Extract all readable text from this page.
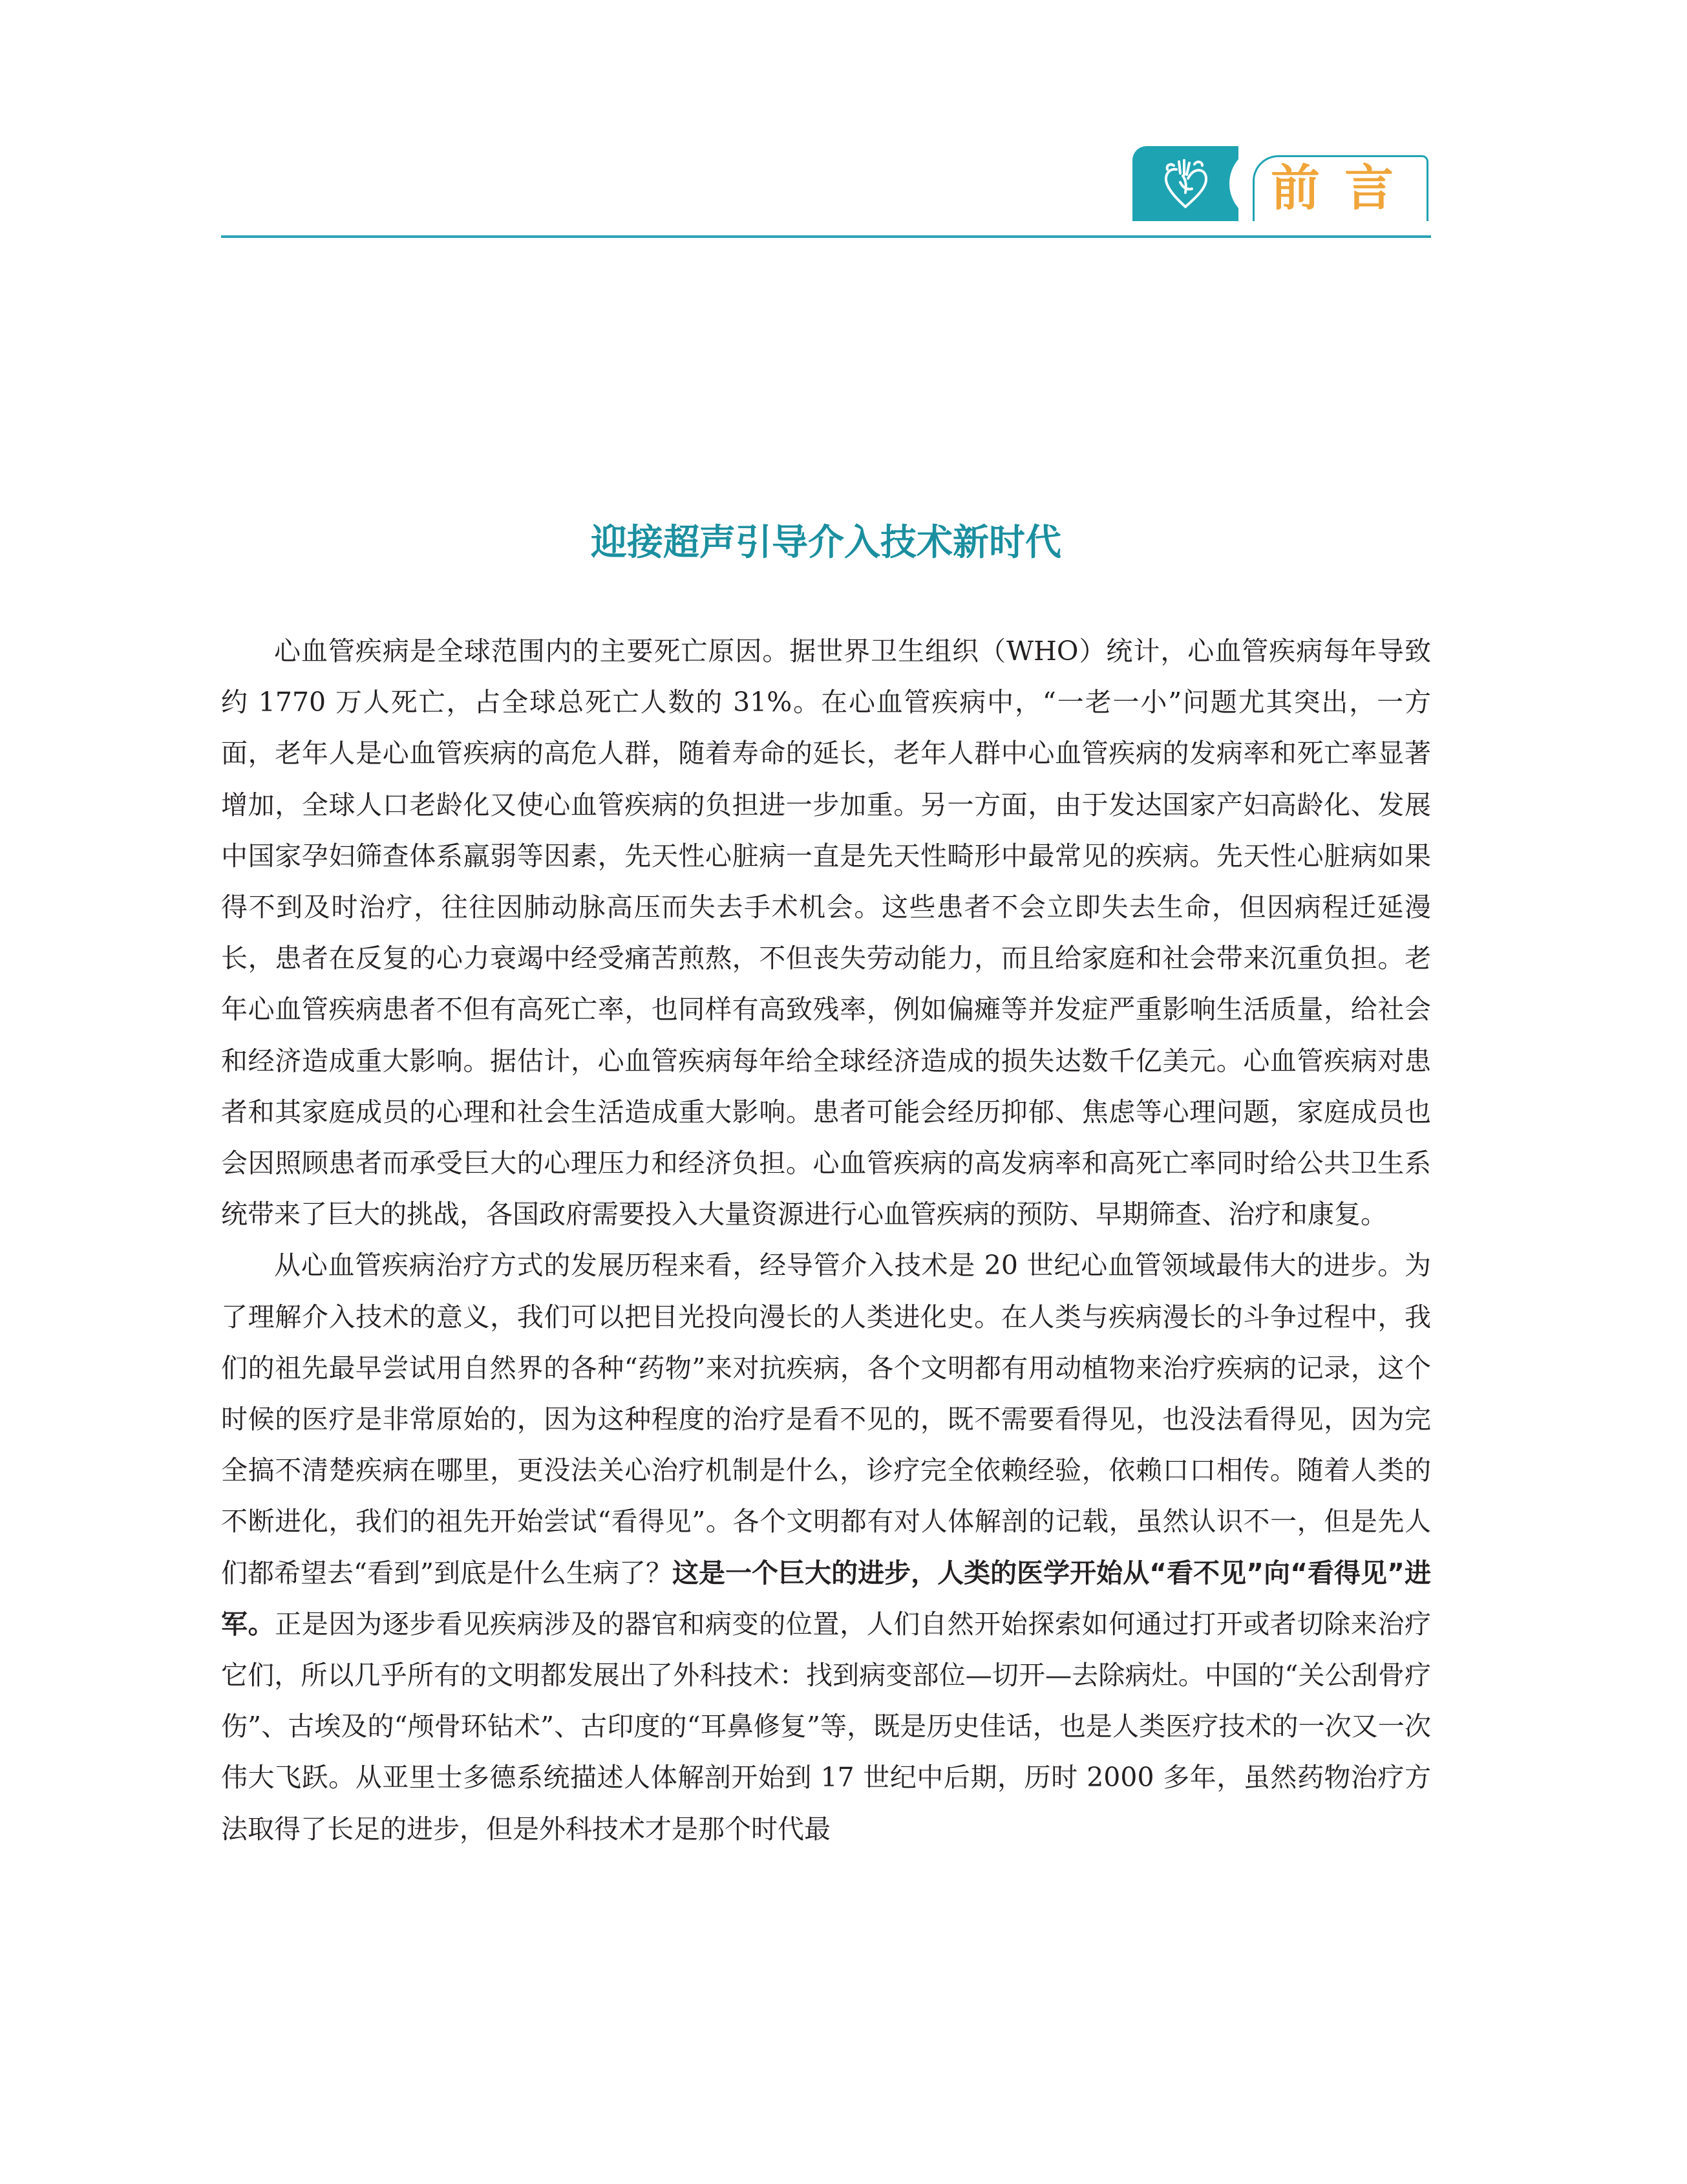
前言
迎接超声引导介入技术新时代

心血管疾病是全球范围内的主要死亡原因。据世界卫生组织（WHO）统计，心血管疾病每年导致约 1770 万人死亡，占全球总死亡人数的 31%。在心血管疾病中，“一老一小”问题尤其突出，一方面，老年人是心血管疾病的高危人群，随着寿命的延长，老年人群中心血管疾病的发病率和死亡率显著增加，全球人口老龄化又使心血管疾病的负担进一步加重。另一方面，由于发达国家产妇高龄化、发展中国家孕妇筛查体系羸弱等因素，先天性心脏病一直是先天性畸形中最常见的疾病。先天性心脏病如果得不到及时治疗，往往因肺动脉高压而失去手术机会。这些患者不会立即失去生命，但因病程迁延漫长，患者在反复的心力衰竭中经受痛苦煎熬，不但丧失劳动能力，而且给家庭和社会带来沉重负担。老年心血管疾病患者不但有高死亡率，也同样有高致残率，例如偏瘫等并发症严重影响生活质量，给社会和经济造成重大影响。据估计，心血管疾病每年给全球经济造成的损失达数千亿美元。心血管疾病对患者和其家庭成员的心理和社会生活造成重大影响。患者可能会经历抑郁、焦虑等心理问题，家庭成员也会因照顾患者而承受巨大的心理压力和经济负担。心血管疾病的高发病率和高死亡率同时给公共卫生系统带来了巨大的挑战，各国政府需要投入大量资源进行心血管疾病的预防、早期筛查、治疗和康复。

从心血管疾病治疗方式的发展历程来看，经导管介入技术是 20 世纪心血管领域最伟大的进步。为了理解介入技术的意义，我们可以把目光投向漫长的人类进化史。在人类与疾病漫长的斗争过程中，我们的祖先最早尝试用自然界的各种“药物”来对抗疾病，各个文明都有用动植物来治疗疾病的记录，这个时候的医疗是非常原始的，因为这种程度的治疗是看不见的，既不需要看得见，也没法看得见，因为完全搞不清楚疾病在哪里，更没法关心治疗机制是什么，诊疗完全依赖经验，依赖口口相传。随着人类的不断进化，我们的祖先开始尝试“看得见”。各个文明都有对人体解剖的记载，虽然认识不一，但是先人们都希望去“看到”到底是什么生病了？这是一个巨大的进步，人类的医学开始从“看不见”向“看得见”进军。正是因为逐步看见疾病涉及的器官和病变的位置，人们自然开始探索如何通过打开或者切除来治疗它们，所以几乎所有的文明都发展出了外科技术：找到病变部位—切开—去除病灶。中国的“关公刮骨疗伤”、古埃及的“颅骨环钻术”、古印度的“耳鼻修复”等，既是历史佳话，也是人类医疗技术的一次又一次伟大飞跃。从亚里士多德系统描述人体解剖开始到 17 世纪中后期，历时 2000 多年，虽然药物治疗方法取得了长足的进步，但是外科技术才是那个时代最
